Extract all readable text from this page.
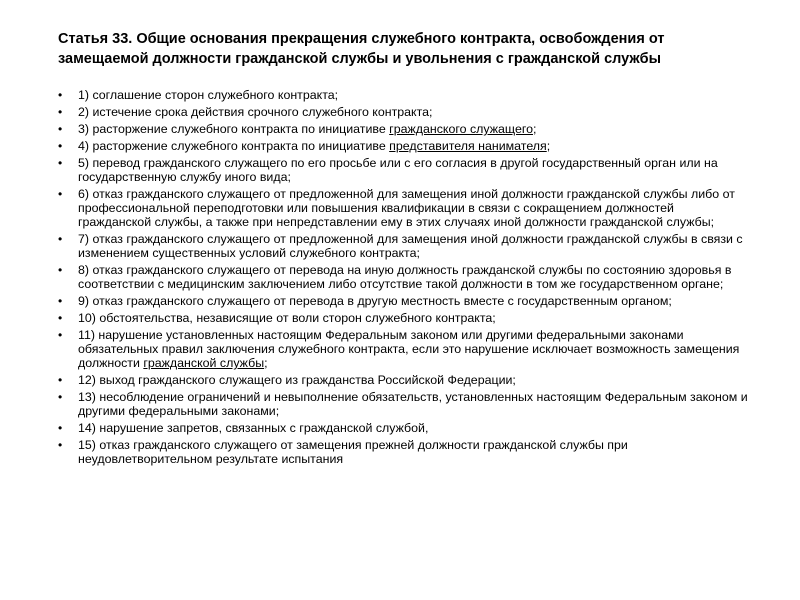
Статья 33. Общие основания прекращения служебного контракта, освобождения от замещаемой должности гражданской службы и увольнения с гражданской службы
•	1) соглашение сторон служебного контракта;
•	2) истечение срока действия срочного служебного контракта;
•	3) расторжение служебного контракта по инициативе гражданского служащего;
•	4) расторжение служебного контракта по инициативе представителя нанимателя;
•	5) перевод гражданского служащего по его просьбе или с его согласия в другой государственный орган или на государственную службу иного вида;
•	6) отказ гражданского служащего от предложенной для замещения иной должности гражданской службы либо от профессиональной переподготовки или повышения квалификации в связи с сокращением должностей гражданской службы, а также при непредставлении ему в этих случаях иной должности гражданской службы;
•	7) отказ гражданского служащего от предложенной для замещения иной должности гражданской службы в связи с изменением существенных условий служебного контракта;
•	8) отказ гражданского служащего от перевода на иную должность гражданской службы по состоянию здоровья в соответствии с медицинским заключением либо отсутствие такой должности в том же государственном органе;
•	9) отказ гражданского служащего от перевода в другую местность вместе с государственным органом;
•	10) обстоятельства, независящие от воли сторон служебного контракта;
•	11) нарушение установленных настоящим Федеральным законом или другими федеральными законами обязательных правил заключения служебного контракта, если это нарушение исключает возможность замещения должности гражданской службы;
•	12) выход гражданского служащего из гражданства Российской Федерации;
•	13) несоблюдение ограничений и невыполнение обязательств, установленных настоящим Федеральным законом и другими федеральными законами;
•	14) нарушение запретов, связанных с гражданской службой,
•	15) отказ гражданского служащего от замещения прежней должности гражданской службы при неудовлетворительном результате испытания
